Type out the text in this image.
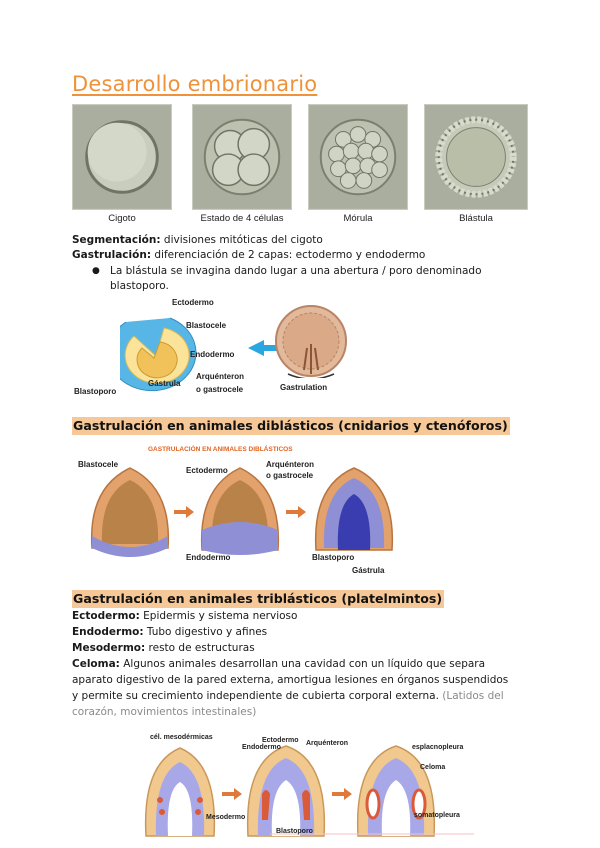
Desarrollo embrionario
Cigoto	Estado de 4 células	Mórula	Blástula
Segmentación: divisiones mitóticas del cigoto
Gastrulación: diferenciación de 2 capas: ectodermo y endodermo
● La blástula se invagina dando lugar a una abertura / poro denominado blastoporo.
Ectodermo
Blastocele
Endodermo
Arquénteron
o gastrocele
Gástrula
Blastoporo	Gastrulation
Gastrulación en animales diblásticos (cnidarios y ctenóforos)
GASTRULACIÓN EN ANIMALES DIBLÁSTICOS
Blastocele
Ectodermo
Arquénteron
o gastrocele
Endodermo	Blastoporo
Gástrula
Gastrulación en animales triblásticos (platelmintos)
Ectodermo: Epidermis y sistema nervioso
Endodermo: Tubo digestivo y afines
Mesodermo: resto de estructuras
Celoma: Algunos animales desarrollan una cavidad con un líquido que separa
aparato digestivo de la pared externa, amortigua lesiones en órganos suspendidos
y permite su crecimiento independiente de cubierta corporal externa. (Latidos del
corazón, movimientos intestinales)
cél. mesodérmicas
Endodermo
Ectodermo Arquénteron
Mesodermo
Blastoporo
esplacnopleura
Celoma
somatopleura
